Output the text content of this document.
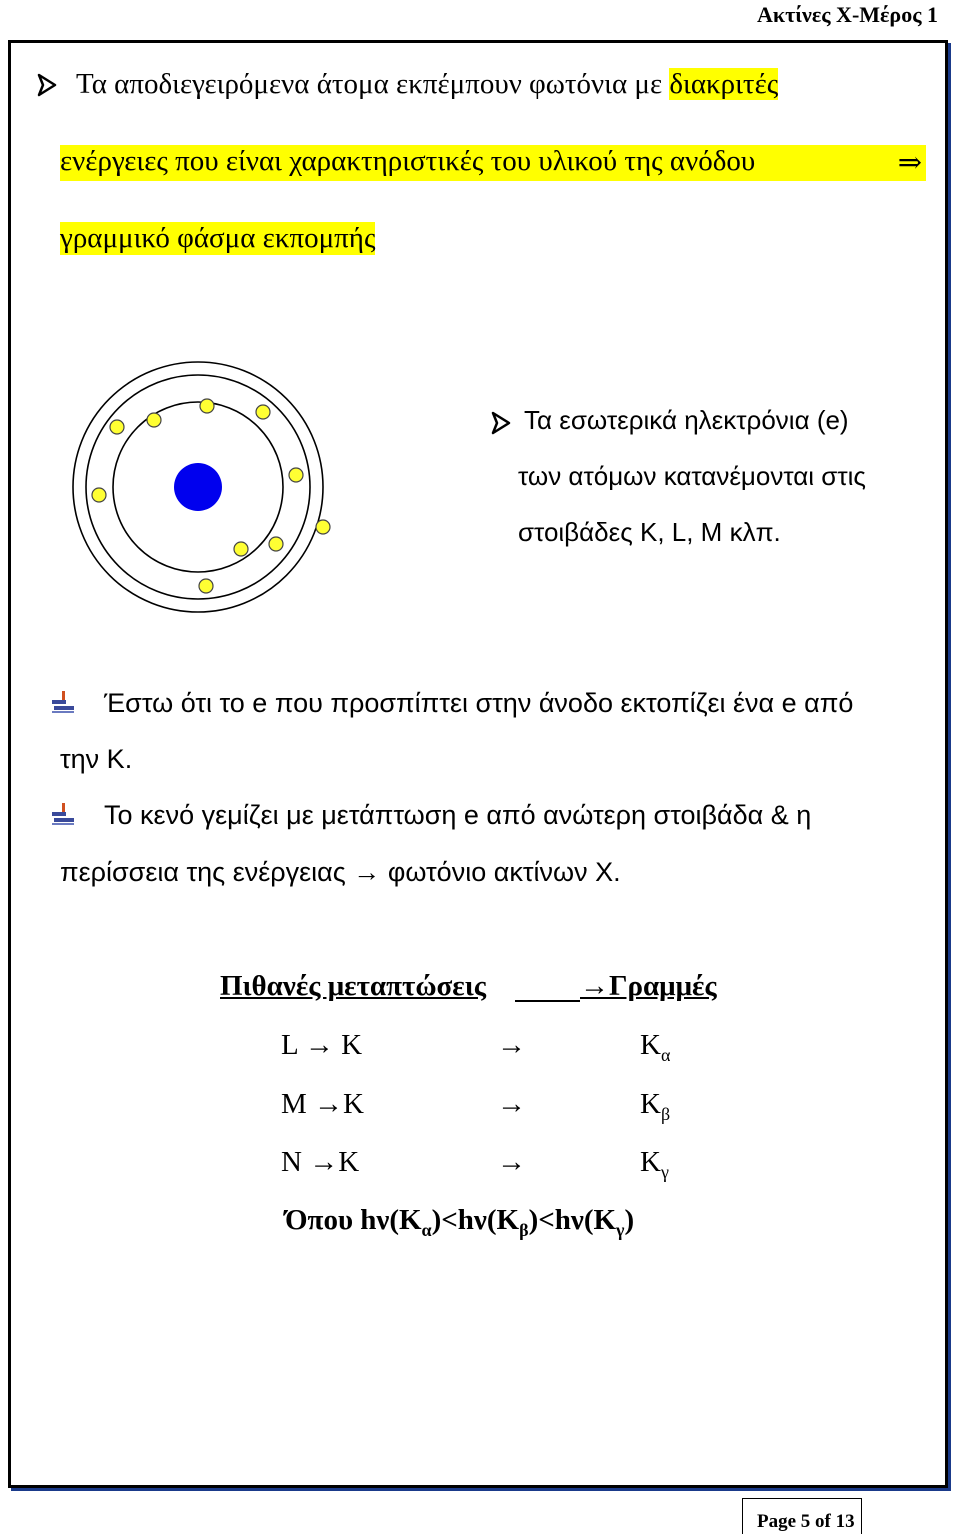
Ακτίνες Χ-Μέρος 1
Τα αποδιεγειρόμενα άτομα εκπέμπουν φωτόνια με διακριτές
ενέργειες που είναι χαρακτηριστικές του υλικού της ανόδου	⇒
γραμμικό φάσμα εκπομπής
Τα εσωτερικά ηλεκτρόνια (e)
των ατόμων κατανέμονται στις
στοιβάδες K, L, M κλπ.
Έστω ότι το e που προσπίπτει στην άνοδο εκτοπίζει ένα e από
την K.
Το κενό γεμίζει με μετάπτωση e από ανώτερη στοιβάδα & η
περίσσεια της ενέργειας → φωτόνιο ακτίνων Χ.
Πιθανές μεταπτώσεις	→Γραμμές
L → K	→	$K_\alpha$
M →K	→	$K_\beta$
N →K	→	$K_\gamma$
Όπου $h\nu(K_\alpha)<h\nu(K_\beta)<h\nu(K_\gamma)$
Page 5 of 13
